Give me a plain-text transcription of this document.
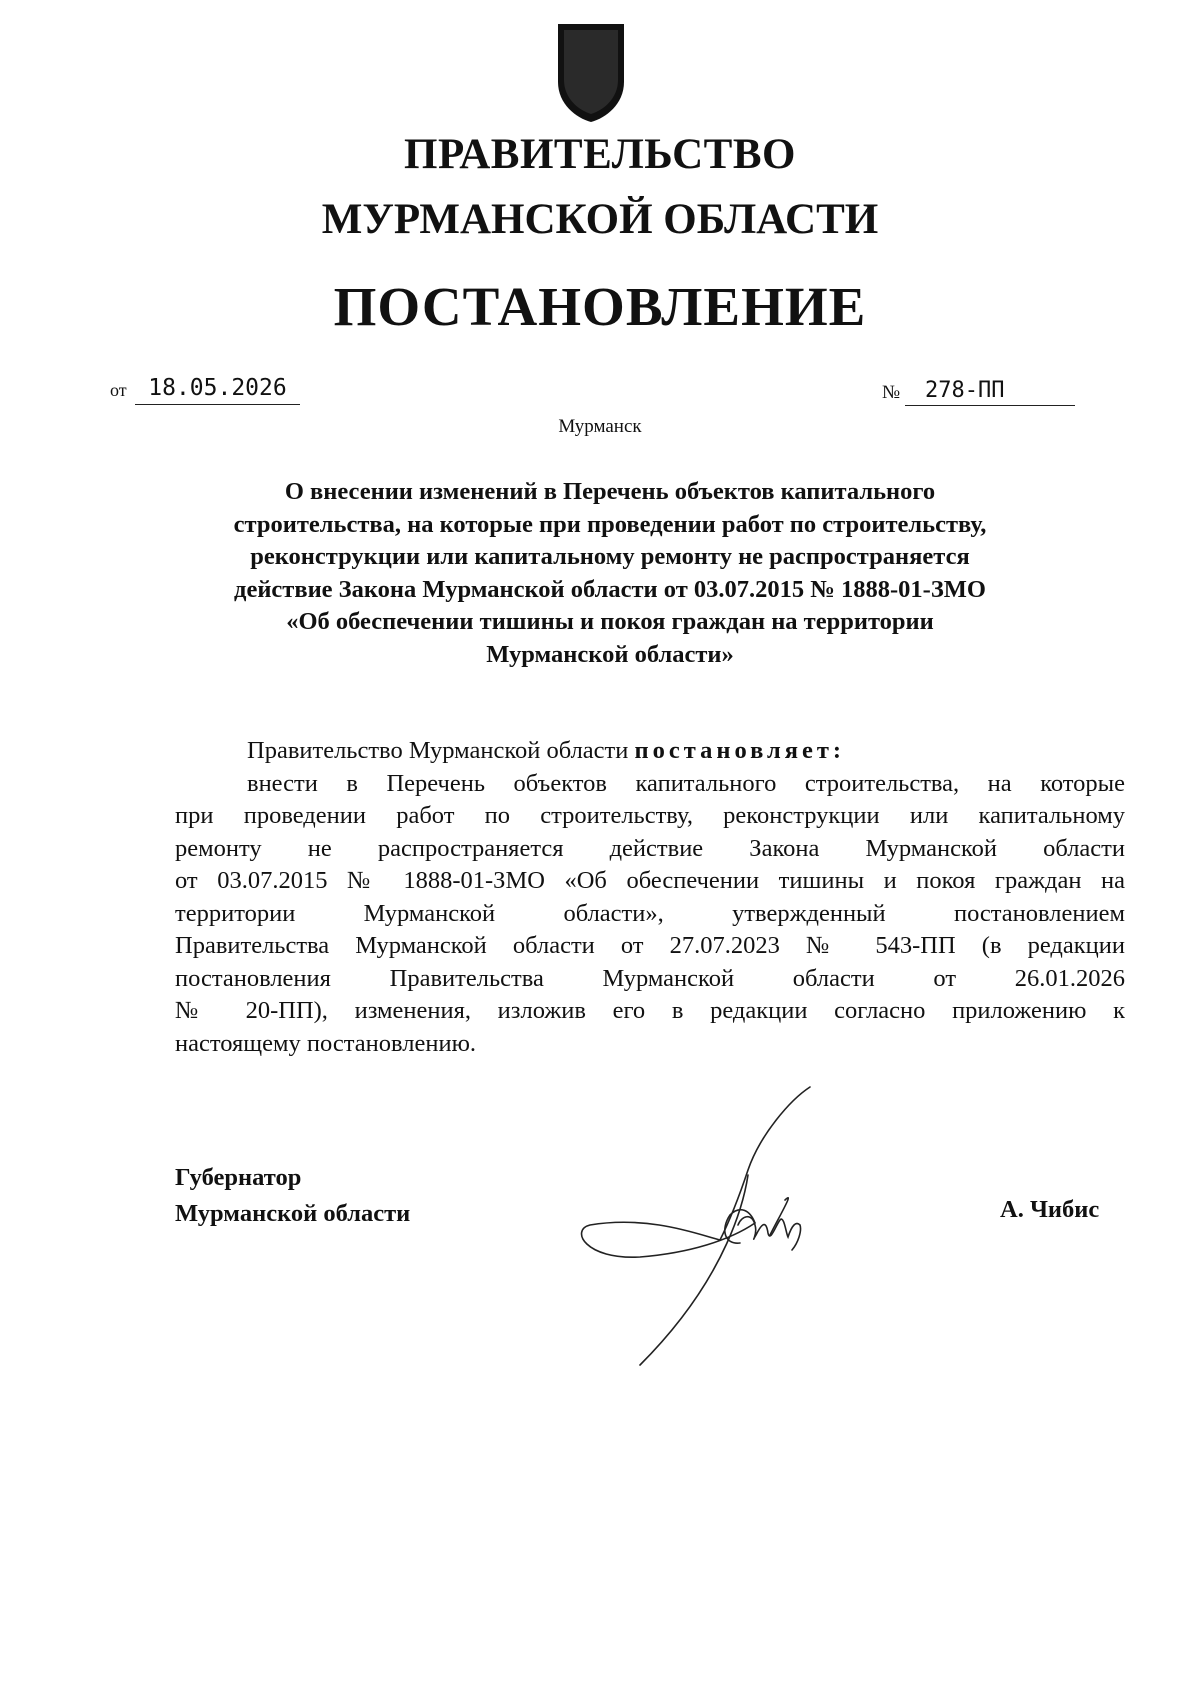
ПРАВИТЕЛЬСТВО
МУРМАНСКОЙ ОБЛАСТИ
ПОСТАНОВЛЕНИЕ
от 18.05.2026	№	278-ПП
Мурманск
О внесении изменений в Перечень объектов капитального
строительства, на которые при проведении работ по строительству,
реконструкции или капитальному ремонту не распространяется
действие Закона Мурманской области от 03.07.2015 № 1888-01-ЗМО
«Об обеспечении тишины и покоя граждан на территории
Мурманской области»
Правительство Мурманской области постановляет:
внести в Перечень объектов капитального строительства, на которые
при проведении работ по строительству, реконструкции или капитальному
ремонту не распространяется действие Закона Мурманской области
от 03.07.2015 № 1888-01-ЗМО «Об обеспечении тишины и покоя граждан на
территории Мурманской области», утвержденный постановлением
Правительства Мурманской области от 27.07.2023 № 543-ПП (в редакции
постановления Правительства Мурманской области от 26.01.2026
№ 20-ПП), изменения, изложив его в редакции согласно приложению к
настоящему постановлению.
Губернатор
Мурманской области	А. Чибис
